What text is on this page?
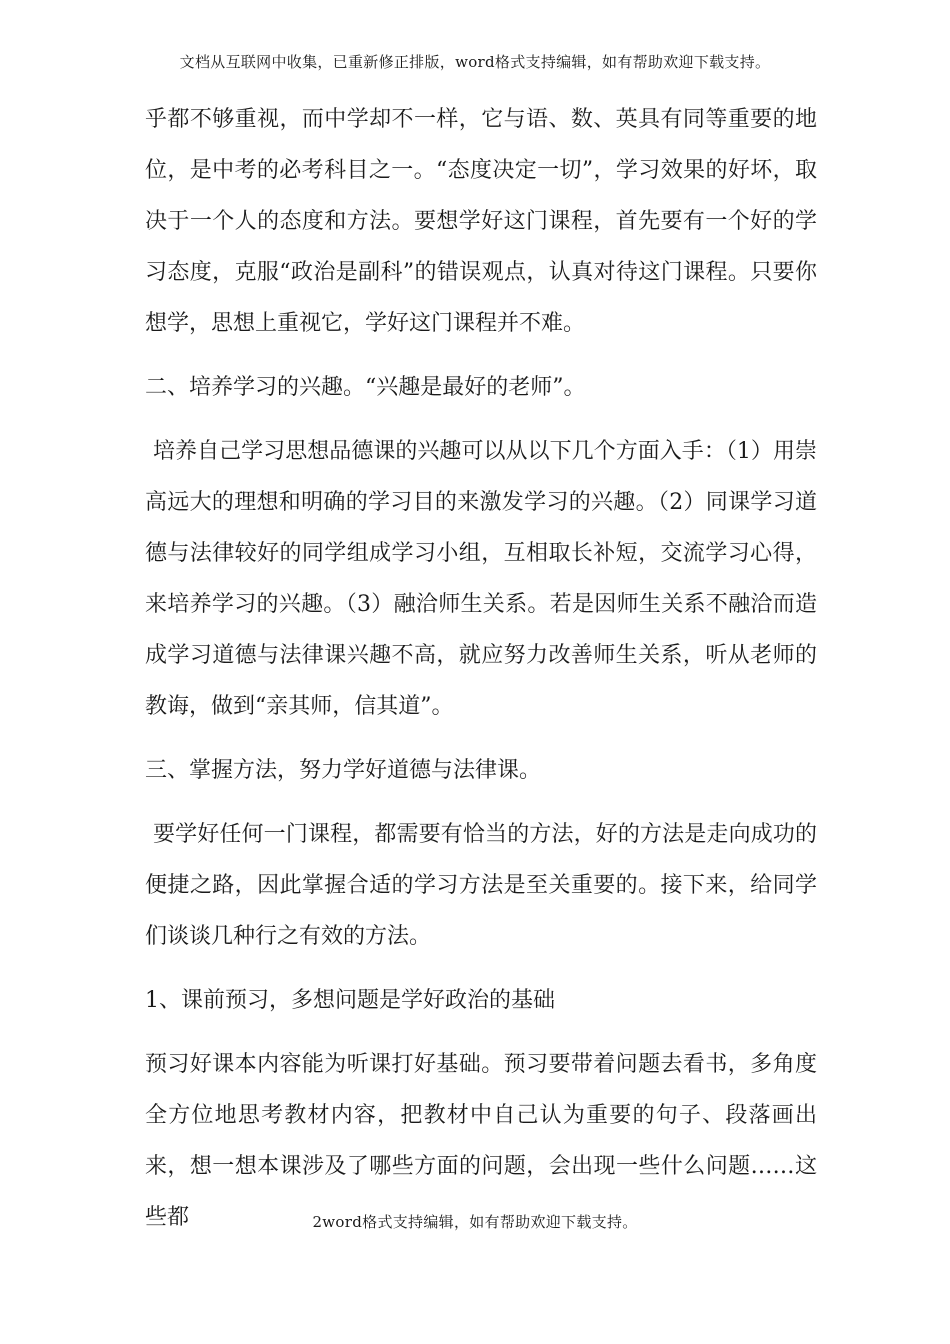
文档从互联网中收集，已重新修正排版，word格式支持编辑，如有帮助欢迎下载支持。

乎都不够重视，而中学却不一样，它与语、数、英具有同等重要的地位，是中考的必考科目之一。“态度决定一切”，学习效果的好坏，取决于一个人的态度和方法。要想学好这门课程，首先要有一个好的学习态度，克服“政治是副科”的错误观点，认真对待这门课程。只要你想学，思想上重视它，学好这门课程并不难。

二、培养学习的兴趣。“兴趣是最好的老师”。

培养自己学习思想品德课的兴趣可以从以下几个方面入手：（1）用崇高远大的理想和明确的学习目的来激发学习的兴趣。（2）同课学习道德与法律较好的同学组成学习小组，互相取长补短，交流学习心得，来培养学习的兴趣。（3）融洽师生关系。若是因师生关系不融洽而造成学习道德与法律课兴趣不高，就应努力改善师生关系，听从老师的教诲，做到“亲其师，信其道”。

三、掌握方法，努力学好道德与法律课。

要学好任何一门课程，都需要有恰当的方法，好的方法是走向成功的便捷之路，因此掌握合适的学习方法是至关重要的。接下来，给同学们谈谈几种行之有效的方法。

1、课前预习，多想问题是学好政治的基础

预习好课本内容能为听课打好基础。预习要带着问题去看书，多角度全方位地思考教材内容，把教材中自己认为重要的句子、段落画出来，想一想本课涉及了哪些方面的问题，会出现一些什么问题……这些都	2word格式支持编辑，如有帮助欢迎下载支持。
